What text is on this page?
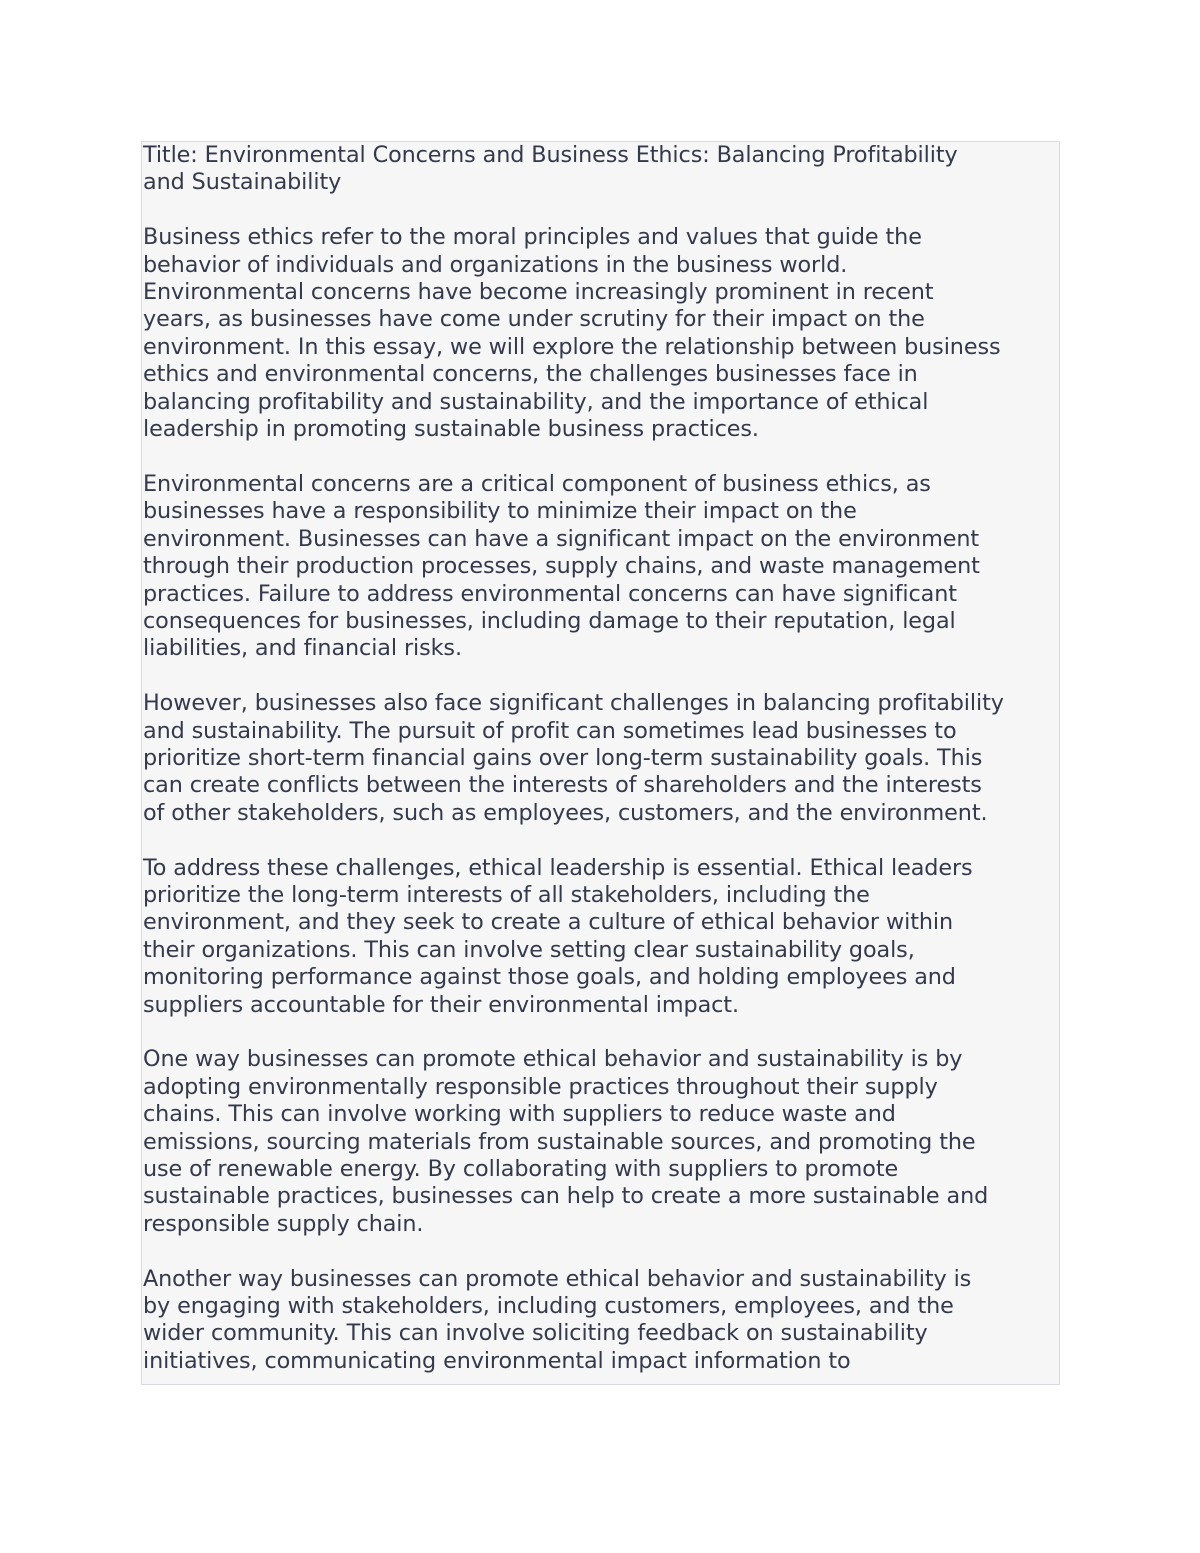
Title: Environmental Concerns and Business Ethics: Balancing Profitability
and Sustainability

Business ethics refer to the moral principles and values that guide the
behavior of individuals and organizations in the business world.
Environmental concerns have become increasingly prominent in recent
years, as businesses have come under scrutiny for their impact on the
environment. In this essay, we will explore the relationship between business
ethics and environmental concerns, the challenges businesses face in
balancing profitability and sustainability, and the importance of ethical
leadership in promoting sustainable business practices.

Environmental concerns are a critical component of business ethics, as
businesses have a responsibility to minimize their impact on the
environment. Businesses can have a significant impact on the environment
through their production processes, supply chains, and waste management
practices. Failure to address environmental concerns can have significant
consequences for businesses, including damage to their reputation, legal
liabilities, and financial risks.

However, businesses also face significant challenges in balancing profitability
and sustainability. The pursuit of profit can sometimes lead businesses to
prioritize short-term financial gains over long-term sustainability goals. This
can create conflicts between the interests of shareholders and the interests
of other stakeholders, such as employees, customers, and the environment.

To address these challenges, ethical leadership is essential. Ethical leaders
prioritize the long-term interests of all stakeholders, including the
environment, and they seek to create a culture of ethical behavior within
their organizations. This can involve setting clear sustainability goals,
monitoring performance against those goals, and holding employees and
suppliers accountable for their environmental impact.

One way businesses can promote ethical behavior and sustainability is by
adopting environmentally responsible practices throughout their supply
chains. This can involve working with suppliers to reduce waste and
emissions, sourcing materials from sustainable sources, and promoting the
use of renewable energy. By collaborating with suppliers to promote
sustainable practices, businesses can help to create a more sustainable and
responsible supply chain.

Another way businesses can promote ethical behavior and sustainability is
by engaging with stakeholders, including customers, employees, and the
wider community. This can involve soliciting feedback on sustainability
initiatives, communicating environmental impact information to
